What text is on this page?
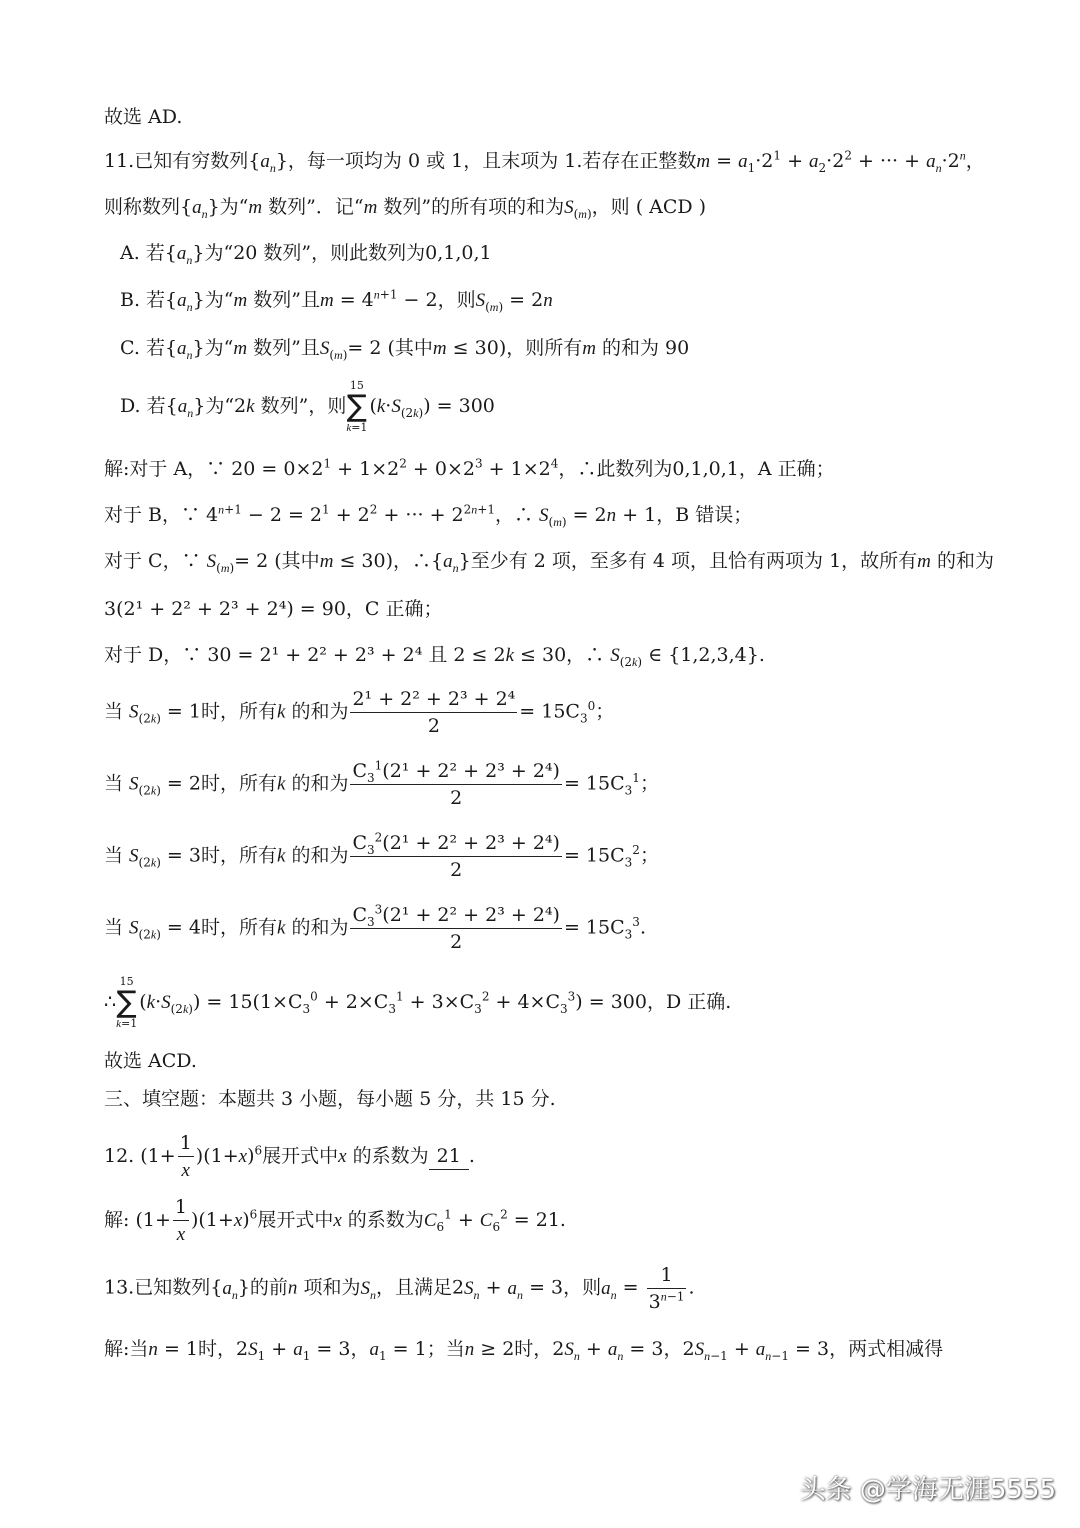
故选 AD.
11.已知有穷数列$\{a_n\}$，每一项均为 0 或 1，且末项为 1.若存在正整数$m = a_1\cdot 2^1 + a_2\cdot 2^2$ + ··· + $a_n\cdot 2^n$，
则称数列$\{a_n\}$为“m 数列”．记“m 数列”的所有项的和为$S_{(m)}$，则 ( ACD )
A. 若$\{a_n\}$为“20 数列”，则此数列为0,1,0,1
B. 若$\{a_n\}$为“m 数列”且$m = 4^{n+1} - 2$，则$S_{(m)} = 2n$
C. 若$\{a_n\}$为“m 数列”且$S_{(m)}= 2$ (其中m ≤ 30)，则所有m 的和为 90
D. 若$\{a_n\}$为“2k 数列”，则
15
∑
k=1
$(k\cdot S_{(2k)}) = 300$
解:对于 A，∵ $20 = 0\times 2^1 + 1\times 2^2 + 0\times 2^3 + 1\times 2^4$，∴此数列为0,1,0,1，A 正确；
对于 B，∵ $4^{n+1} - 2 = 2^1 + 2^2$ + ··· + $2^{2n+1}$，∴ $S_{(m)} = 2n + 1$，B 错误；
对于 C，∵ $S_{(m)}= 2$ (其中m ≤ 30)，$\therefore\{a_n\}$至少有 2 项，至多有 4 项，且恰有两项为 1，故所有m 的和为
3(2¹ + 2² + 2³ + 2⁴) = 90，C 正确；
对于 D，∵ 30 = 2¹ + 2² + 2³ + 2⁴ 且 2 ≤ 2k ≤ 30，∴ $S_{(2k)}$ ∈ {1,2,3,4}.
当 $S_{(2k)} = 1$时，所有k 的和为 $\frac{\text{2¹ + 2² + 2³ + 2⁴}}{2} = 15C_3^0$；
当 $S_{(2k)} = 2$时，所有k 的和为 $\frac{C_3^1(2^1 + 2^2 + 2^3 + 2^4)}{2} = 15C_3^1$；
当 $S_{(2k)} = 3$时，所有k 的和为 $\frac{C_3^2(2^1 + 2^2 + 2^3 + 2^4)}{2} = 15C_3^2$；
当 $S_{(2k)} = 4$时，所有k 的和为 $\frac{C_3^3(2^1 + 2^2 + 2^3 + 2^4)}{2} = 15C_3^3$.
∴
15
∑
k=1
$(k\cdot S_{(2k)}) = 15(1\times C_3^0 + 2\times C_3^1 + 3\times C_3^2 + 4\times C_3^3) = 300$，D 正确.
故选 ACD.
三、填空题：本题共 3 小题，每小题 5 分，共 15 分.
12. $(1+ \frac{1}{x} )(1+x)^6$展开式中x 的系数为 21 .
解: $(1+ \frac{1}{x} )(1+x)^6$展开式中x 的系数为$C_6^1 + C_6^2 = 21$.
13.已知数列$\{a_n\}$的前n 项和为$S_n$，且满足$2S_n + a_n = 3$，则$a_n = \frac{1}{3^{n-1}}$ .
解:当n = 1时，$2S_1 + a_1 = 3$，$a_1 = 1$；当n ≥ 2时，$2S_n + a_n = 3$，$2S_{n-1} + a_{n-1} = 3$，两式相减得
头条 @学海无涯5555
